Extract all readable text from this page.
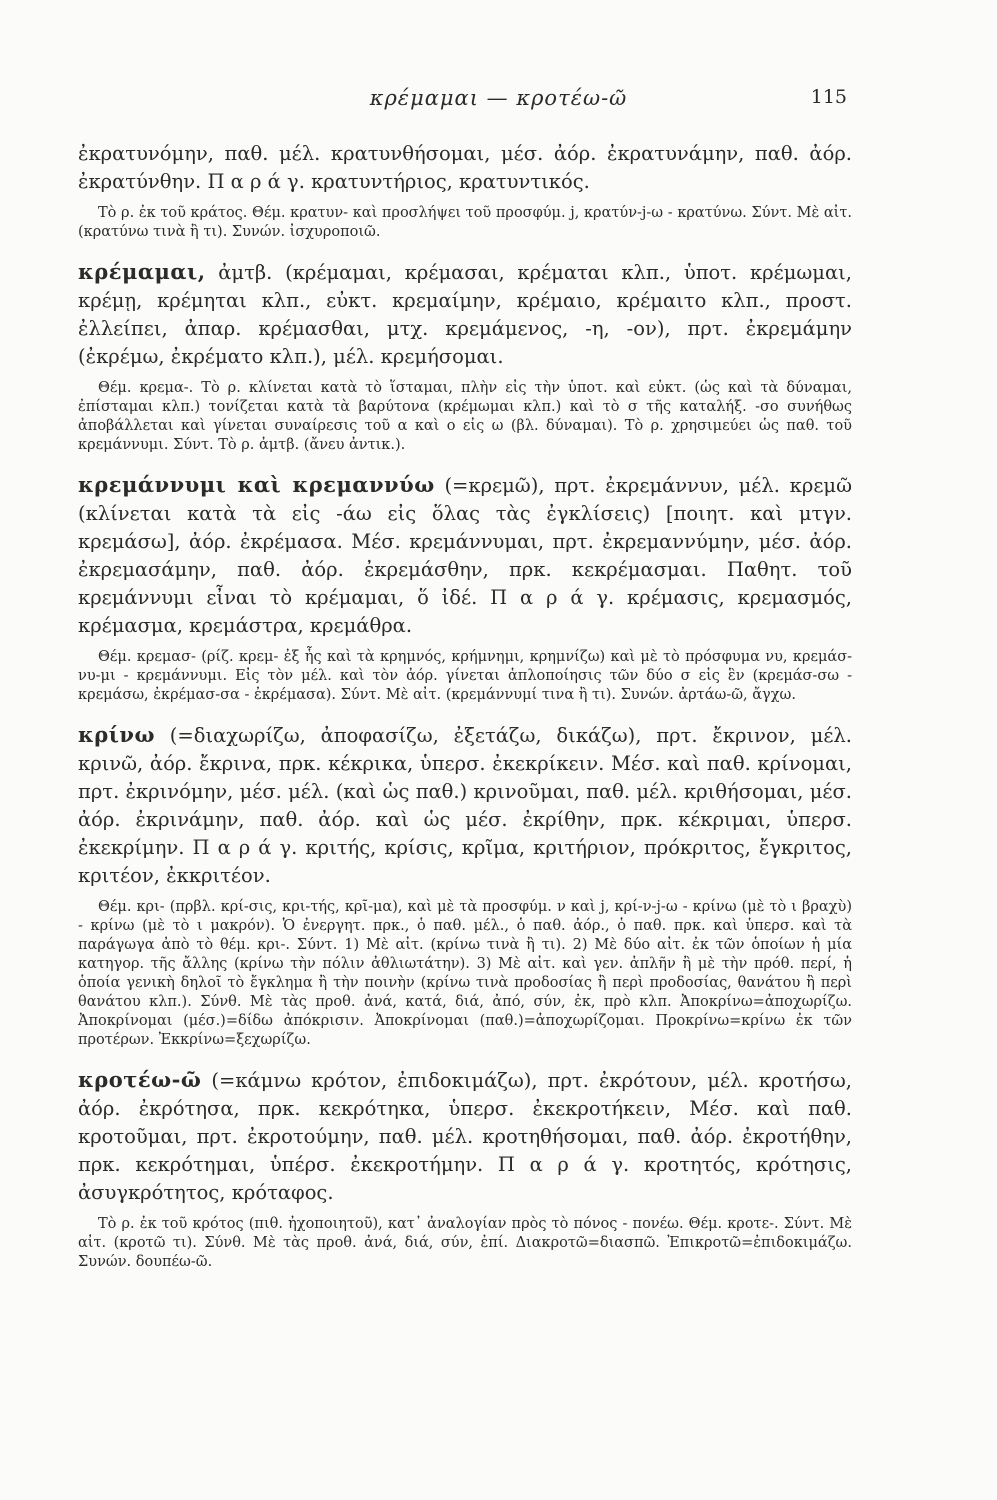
κρέμαμαι — κροτέω-ῶ	115

ἐκρατυνόμην, παθ. μέλ. κρατυνθήσομαι, μέσ. ἀόρ. ἐκρατυνάμην, παθ. ἀόρ. ἐκρατύνθην. Π α ρ ά γ. κρατυντήριος, κρατυντικός.

Τὸ ρ. ἐκ τοῦ κράτος. Θέμ. κρατυν- καὶ προσλήψει τοῦ προσφύμ. j, κρατύν-j-ω - κρατύνω. Σύντ. Μὲ αἰτ. (κρατύνω τινὰ ἢ τι). Συνών. ἰσχυροποιῶ.

κρέμαμαι, ἀμτβ. (κρέμαμαι, κρέμασαι, κρέμαται κλπ., ὑποτ. κρέμωμαι, κρέμῃ, κρέμηται κλπ., εὐκτ. κρεμαίμην, κρέμαιο, κρέμαιτο κλπ., προστ. ἐλλείπει, ἀπαρ. κρέμασθαι, μτχ. κρεμάμενος, -η, -ον), πρτ. ἐκρεμάμην (ἐκρέμω, ἐκρέματο κλπ.), μέλ. κρεμήσομαι.

Θέμ. κρεμα-. Τὸ ρ. κλίνεται κατὰ τὸ ἵσταμαι, πλὴν εἰς τὴν ὑποτ. καὶ εὐκτ. (ὡς καὶ τὰ δύναμαι, ἐπίσταμαι κλπ.) τονίζεται κατὰ τὰ βαρύτονα (κρέμωμαι κλπ.) καὶ τὸ σ τῆς καταλήξ. -σο συνήθως ἀποβάλλεται καὶ γίνεται συναίρεσις τοῦ α καὶ ο εἰς ω (βλ. δύναμαι). Τὸ ρ. χρησιμεύει ὡς παθ. τοῦ κρεμάννυμι. Σύντ. Τὸ ρ. ἀμτβ. (ἄνευ ἀντικ.).

κρεμάννυμι καὶ κρεμαννύω (=κρεμῶ), πρτ. ἐκρεμάννυν, μέλ. κρεμῶ (κλίνεται κατὰ τὰ εἰς -άω εἰς ὅλας τὰς ἐγκλίσεις) [ποιητ. καὶ μτγν. κρεμάσω], ἀόρ. ἐκρέμασα. Μέσ. κρεμάννυμαι, πρτ. ἐκρεμαννύμην, μέσ. ἀόρ. ἐκρεμασάμην, παθ. ἀόρ. ἐκρεμάσθην, πρκ. κεκρέμασμαι. Παθητ. τοῦ κρεμάννυμι εἶναι τὸ κρέμαμαι, ὅ ἰδέ. Π α ρ ά γ. κρέμασις, κρεμασμός, κρέμασμα, κρεμάστρα, κρεμάθρα.

Θέμ. κρεμασ- (ρίζ. κρεμ- ἐξ ἧς καὶ τὰ κρημνός, κρήμνημι, κρημνίζω) καὶ μὲ τὸ πρόσφυμα νυ, κρεμάσ-νυ-μι - κρεμάννυμι. Εἰς τὸν μέλ. καὶ τὸν ἀόρ. γίνεται ἁπλοποίησις τῶν δύο σ εἰς ἓν (κρεμάσ-σω - κρεμάσω, ἐκρέμασ-σα - ἐκρέμασα). Σύντ. Μὲ αἰτ. (κρεμάννυμί τινα ἢ τι). Συνών. ἀρτάω-ῶ, ἄγχω.

κρίνω (=διαχωρίζω, ἀποφασίζω, ἐξετάζω, δικάζω), πρτ. ἔκρινον, μέλ. κρινῶ, ἀόρ. ἔκρινα, πρκ. κέκρικα, ὑπερσ. ἐκεκρίκειν. Μέσ. καὶ παθ. κρίνομαι, πρτ. ἐκρινόμην, μέσ. μέλ. (καὶ ὡς παθ.) κρινοῦμαι, παθ. μέλ. κριθήσομαι, μέσ. ἀόρ. ἐκρινάμην, παθ. ἀόρ. καὶ ὡς μέσ. ἐκρίθην, πρκ. κέκριμαι, ὑπερσ. ἐκεκρίμην. Π α ρ ά γ. κριτής, κρίσις, κρῖμα, κριτήριον, πρόκριτος, ἔγκριτος, κριτέον, ἐκκριτέον.

Θέμ. κρι- (πρβλ. κρί-σις, κρι-τής, κρῖ-μα), καὶ μὲ τὰ προσφύμ. ν καὶ j, κρί-ν-j-ω - κρίνω (μὲ τὸ ι βραχὺ) - κρίνω (μὲ τὸ ι μακρόν). Ὁ ἐνεργητ. πρκ., ὁ παθ. μέλ., ὁ παθ. ἀόρ., ὁ παθ. πρκ. καὶ ὑπερσ. καὶ τὰ παράγωγα ἀπὸ τὸ θέμ. κρι-. Σύντ. 1) Μὲ αἰτ. (κρίνω τινὰ ἢ τι). 2) Μὲ δύο αἰτ. ἐκ τῶν ὁποίων ἡ μία κατηγορ. τῆς ἄλλης (κρίνω τὴν πόλιν ἀθλιωτάτην). 3) Μὲ αἰτ. καὶ γεν. ἁπλῆν ἢ μὲ τὴν πρόθ. περί, ἡ ὁποία γενικὴ δηλοῖ τὸ ἔγκλημα ἢ τὴν ποινὴν (κρίνω τινὰ προδοσίας ἢ περὶ προδοσίας, θανάτου ἢ περὶ θανάτου κλπ.). Σύνθ. Μὲ τὰς προθ. ἀνά, κατά, διά, ἀπό, σύν, ἐκ, πρὸ κλπ. Ἀποκρίνω=ἀποχωρίζω. Ἀποκρίνομαι (μέσ.)=δίδω ἀπόκρισιν. Ἀποκρίνομαι (παθ.)=ἀποχωρίζομαι. Προκρίνω=κρίνω ἐκ τῶν προτέρων. Ἐκκρίνω=ξεχωρίζω.

κροτέω-ῶ (=κάμνω κρότον, ἐπιδοκιμάζω), πρτ. ἐκρότουν, μέλ. κροτήσω, ἀόρ. ἐκρότησα, πρκ. κεκρότηκα, ὑπερσ. ἐκεκροτήκειν, Μέσ. καὶ παθ. κροτοῦμαι, πρτ. ἐκροτούμην, παθ. μέλ. κροτηθήσομαι, παθ. ἀόρ. ἐκροτήθην, πρκ. κεκρότημαι, ὑπέρσ. ἐκεκροτήμην. Π α ρ ά γ. κροτητός, κρότησις, ἀσυγκρότητος, κρόταφος.

Τὸ ρ. ἐκ τοῦ κρότος (πιθ. ἠχοποιητοῦ), κατ᾽ ἀναλογίαν πρὸς τὸ πόνος - πονέω. Θέμ. κροτε-. Σύντ. Μὲ αἰτ. (κροτῶ τι). Σύνθ. Μὲ τὰς προθ. ἀνά, διά, σύν, ἐπί. Διακροτῶ=διασπῶ. Ἐπικροτῶ=ἐπιδοκιμάζω. Συνών. δουπέω-ῶ.
